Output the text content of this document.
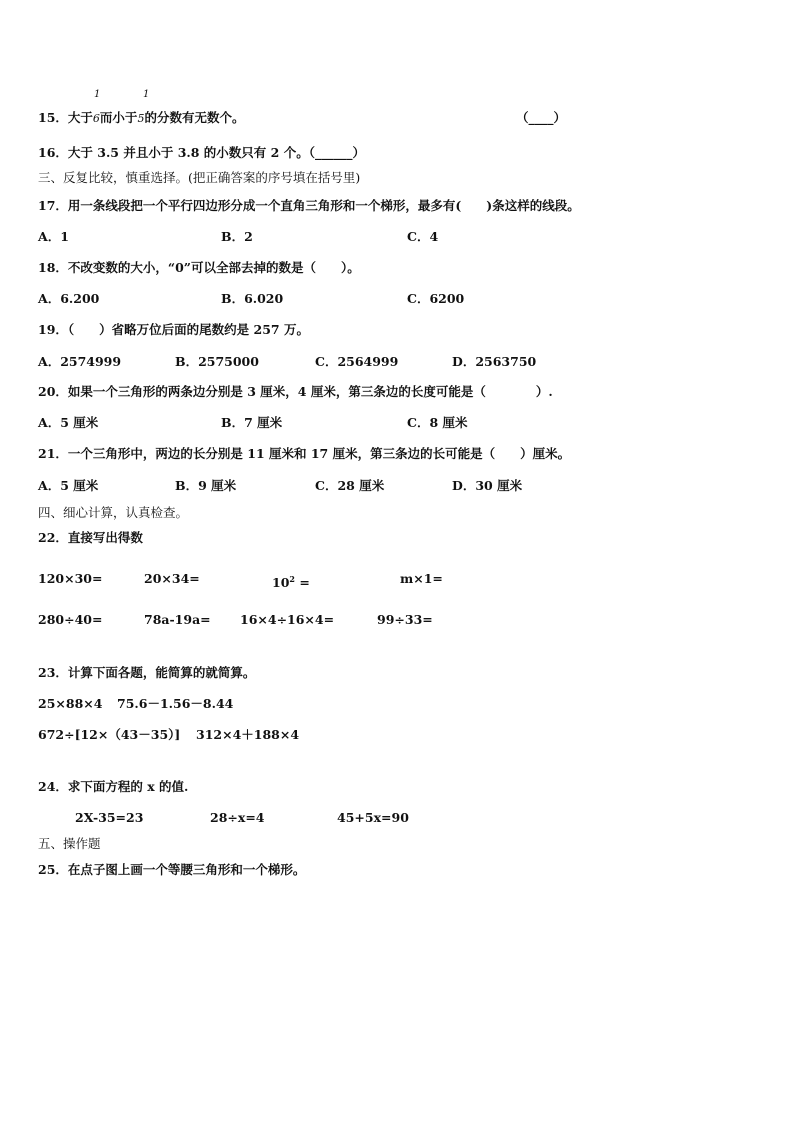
1	1
15．大于6而小于5的分数有无数个。	（____）
16．大于 3.5 并且小于 3.8 的小数只有 2 个。（______）
三、反复比较，慎重选择。(把正确答案的序号填在括号里)
17．用一条线段把一个平行四边形分成一个直角三角形和一个梯形，最多有(　　)条这样的线段。
A．1	B．2	C．4
18．不改变数的大小，“0”可以全部去掉的数是（　　）。
A．6.200	B．6.020	C．6200
19．（　　）省略万位后面的尾数约是 257 万。
A．2574999	B．2575000	C．2564999	D．2563750
20．如果一个三角形的两条边分别是 3 厘米，4 厘米，第三条边的长度可能是（　　　　）.
A．5 厘米	B．7 厘米	C．8 厘米
21．一个三角形中，两边的长分别是 11 厘米和 17 厘米，第三条边的长可能是（　　）厘米。
A．5 厘米	B．9 厘米	C．28 厘米	D．30 厘米
四、细心计算，认真检查。
22．直接写出得数
120×30=	20×34=	$10^2$ =	m×1=
280÷40=	78a-19a= 16×4÷16×4=	99÷33=
23．计算下面各题，能简算的就简算。
25×88×4 75.6－1.56－8.44
672÷[12×（43－35）] 312×4＋188×4
24．求下面方程的 x 的值.
2X-35=23	28÷x=4	45+5x=90
五、操作题
25．在点子图上画一个等腰三角形和一个梯形。
